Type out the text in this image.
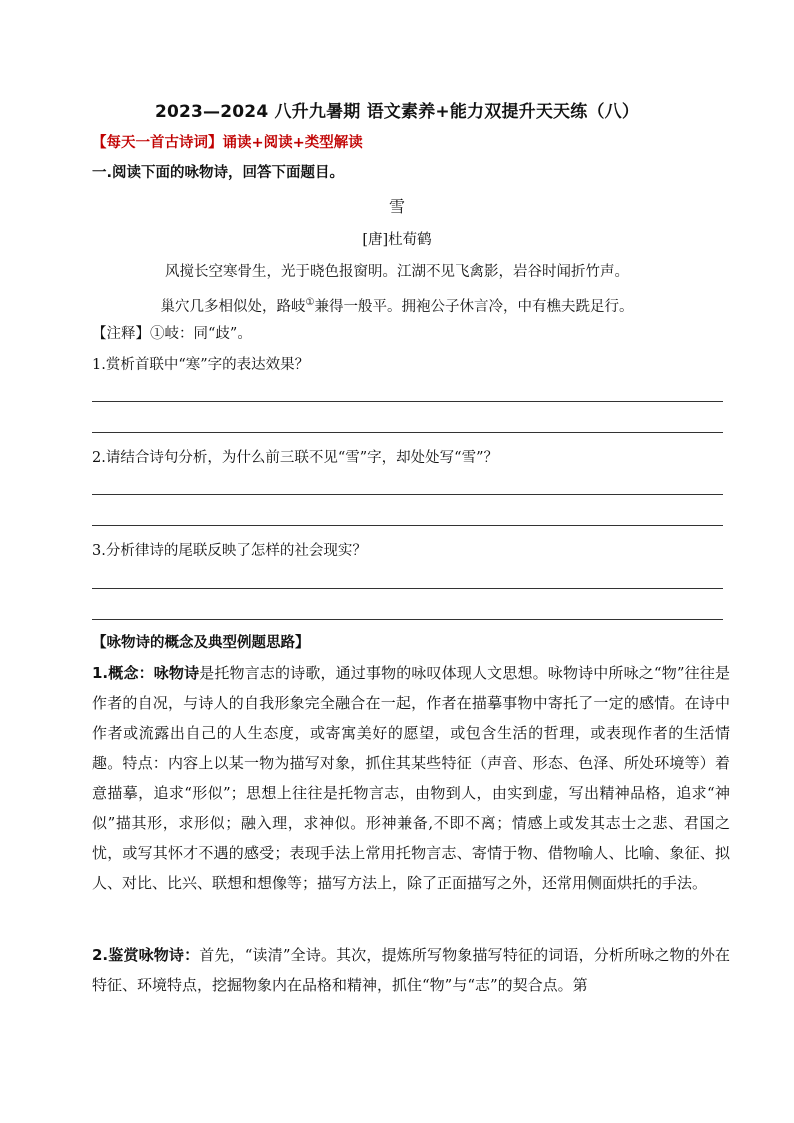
2023—2024 八升九暑期 语文素养+能力双提升天天练（八）
【每天一首古诗词】诵读+阅读+类型解读
一.阅读下面的咏物诗，回答下面题目。
雪
[唐]杜荀鹤
风搅长空寒骨生，光于晓色报窗明。江湖不见飞禽影，岩谷时闻折竹声。
巢穴几多相似处，路岐①兼得一般平。拥袍公子休言冷，中有樵夫跣足行。
【注释】①岐：同“歧”。
1.赏析首联中“寒”字的表达效果？
2.请结合诗句分析，为什么前三联不见“雪”字，却处处写“雪”？
3.分析律诗的尾联反映了怎样的社会现实？
【咏物诗的概念及典型例题思路】

1.概念：咏物诗是托物言志的诗歌，通过事物的咏叹体现人文思想。咏物诗中所咏之“物”往往是作者的自况，与诗人的自我形象完全融合在一起，作者在描摹事物中寄托了一定的感情。在诗中作者或流露出自己的人生态度，或寄寓美好的愿望，或包含生活的哲理，或表现作者的生活情趣。特点：内容上以某一物为描写对象，抓住其某些特征（声音、形态、色泽、所处环境等）着意描摹，追求“形似”；思想上往往是托物言志，由物到人，由实到虚，写出精神品格，追求“神似”描其形，求形似；融入理，求神似。形神兼备,不即不离；情感上或发其志士之悲、君国之忧，或写其怀才不遇的感受；表现手法上常用托物言志、寄情于物、借物喻人、比喻、象征、拟人、对比、比兴、联想和想像等；描写方法上，除了正面描写之外，还常用侧面烘托的手法。

2.鉴赏咏物诗：首先，“读清”全诗。其次，提炼所写物象描写特征的词语，分析所咏之物的外在特征、环境特点，挖掘物象内在品格和精神，抓住“物”与“志”的契合点。第
